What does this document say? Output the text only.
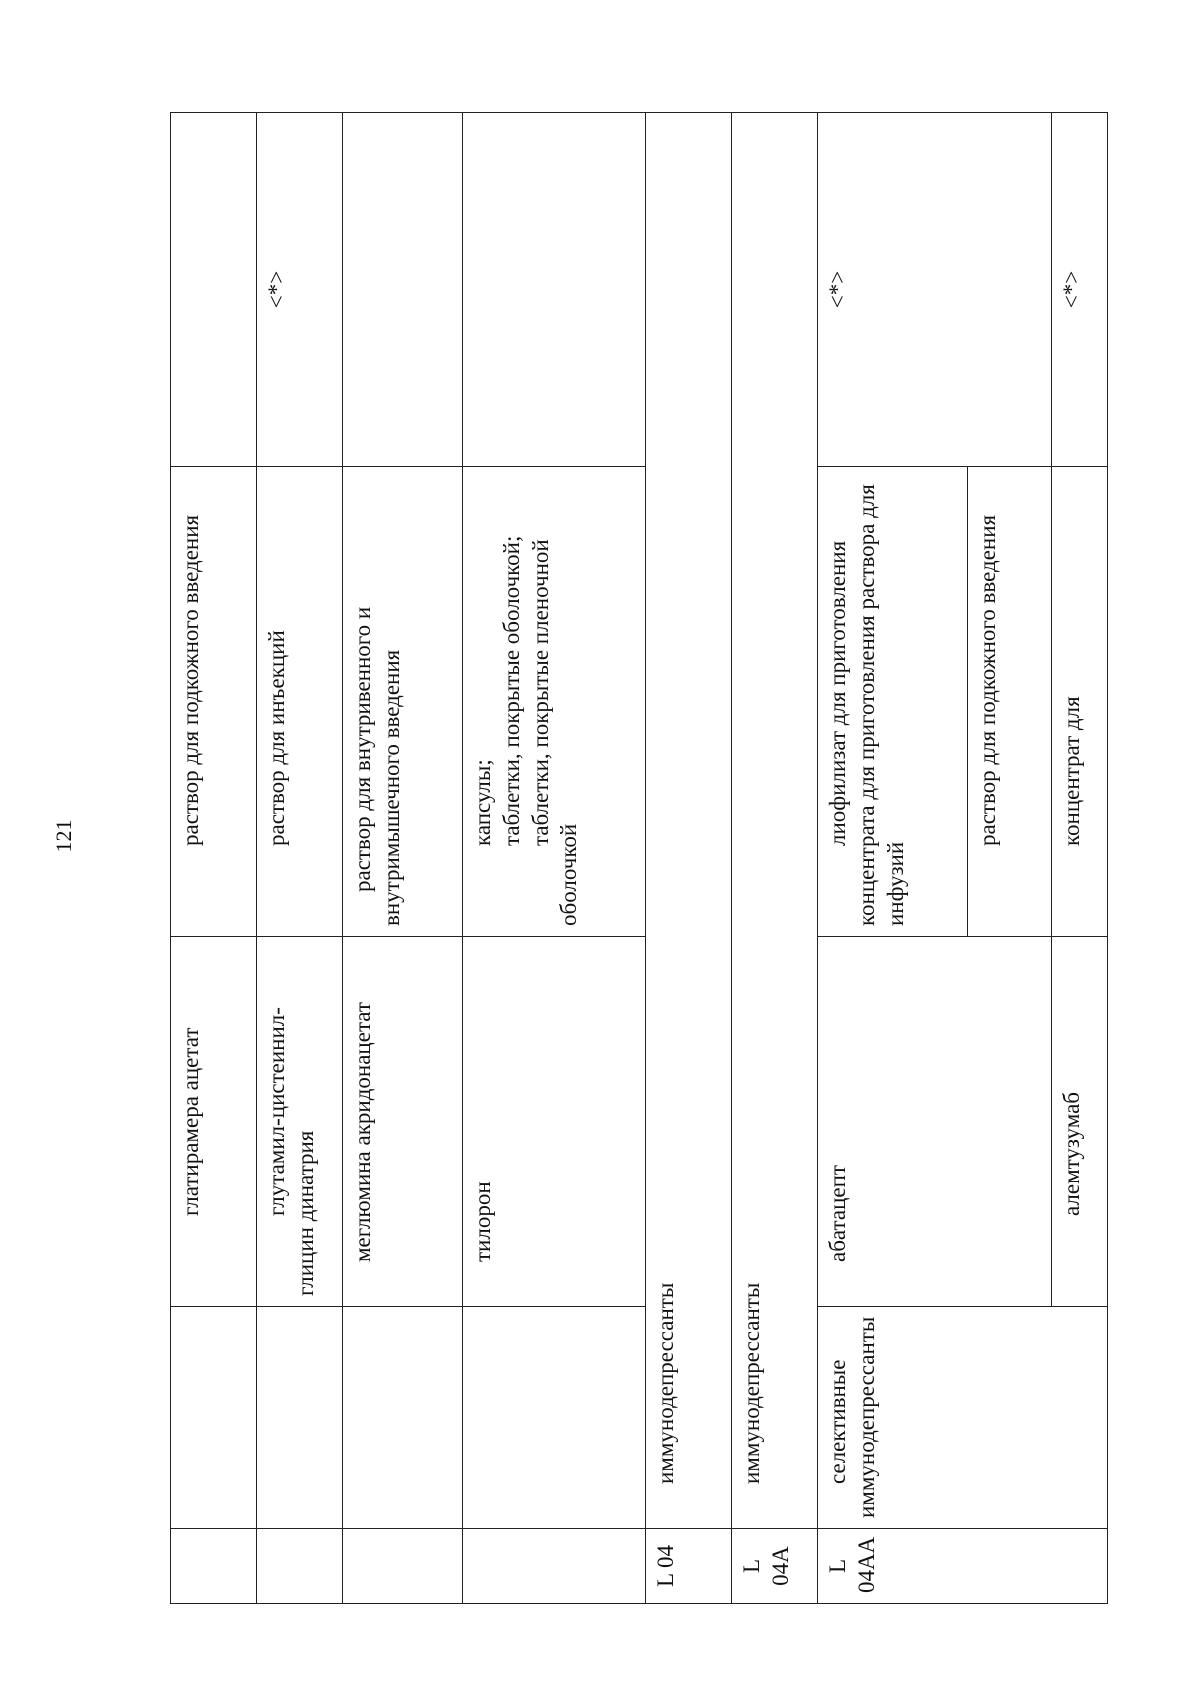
121
		глатирамера ацетат	раствор для подкожного введения	
		глутамил-цистеинил-глицин динатрия	раствор для инъекций	<*>
		меглюмина акридонацетат	раствор для внутривенного и внутримышечного введения	
		тилорон	капсулы; таблетки, покрытые оболочкой; таблетки, покрытые пленочной оболочкой	

L 04	иммунодепрессанты			
L 04A	иммунодепрессанты			
L 04AA	селективные иммунодепрессанты	абатацепт	лиофилизат для приготовления концентрата для приготовления раствора для инфузий	<*>
			раствор для подкожного введения	
		алемтузумаб	концентрат для	<*>
